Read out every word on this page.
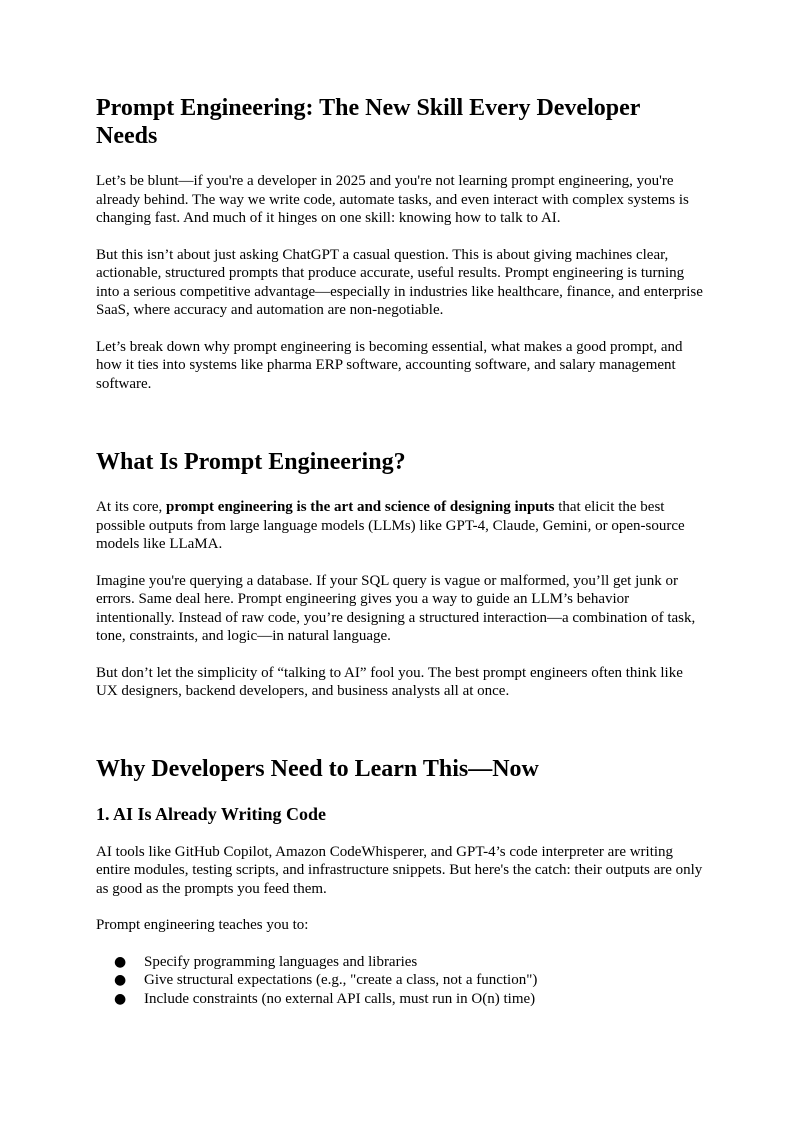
Prompt Engineering: The New Skill Every Developer Needs

Let’s be blunt—if you're a developer in 2025 and you're not learning prompt engineering, you're already behind. The way we write code, automate tasks, and even interact with complex systems is changing fast. And much of it hinges on one skill: knowing how to talk to AI.

But this isn’t about just asking ChatGPT a casual question. This is about giving machines clear, actionable, structured prompts that produce accurate, useful results. Prompt engineering is turning into a serious competitive advantage—especially in industries like healthcare, finance, and enterprise SaaS, where accuracy and automation are non-negotiable.

Let’s break down why prompt engineering is becoming essential, what makes a good prompt, and how it ties into systems like pharma ERP software, accounting software, and salary management software.

What Is Prompt Engineering?

At its core, prompt engineering is the art and science of designing inputs that elicit the best possible outputs from large language models (LLMs) like GPT-4, Claude, Gemini, or open-source models like LLaMA.

Imagine you're querying a database. If your SQL query is vague or malformed, you’ll get junk or errors. Same deal here. Prompt engineering gives you a way to guide an LLM’s behavior intentionally. Instead of raw code, you’re designing a structured interaction—a combination of task, tone, constraints, and logic—in natural language.

But don’t let the simplicity of “talking to AI” fool you. The best prompt engineers often think like UX designers, backend developers, and business analysts all at once.

Why Developers Need to Learn This—Now
1. AI Is Already Writing Code

AI tools like GitHub Copilot, Amazon CodeWhisperer, and GPT-4’s code interpreter are writing entire modules, testing scripts, and infrastructure snippets. But here's the catch: their outputs are only as good as the prompts you feed them.

Prompt engineering teaches you to:

● Specify programming languages and libraries
● Give structural expectations (e.g., "create a class, not a function")
● Include constraints (no external API calls, must run in O(n) time)
